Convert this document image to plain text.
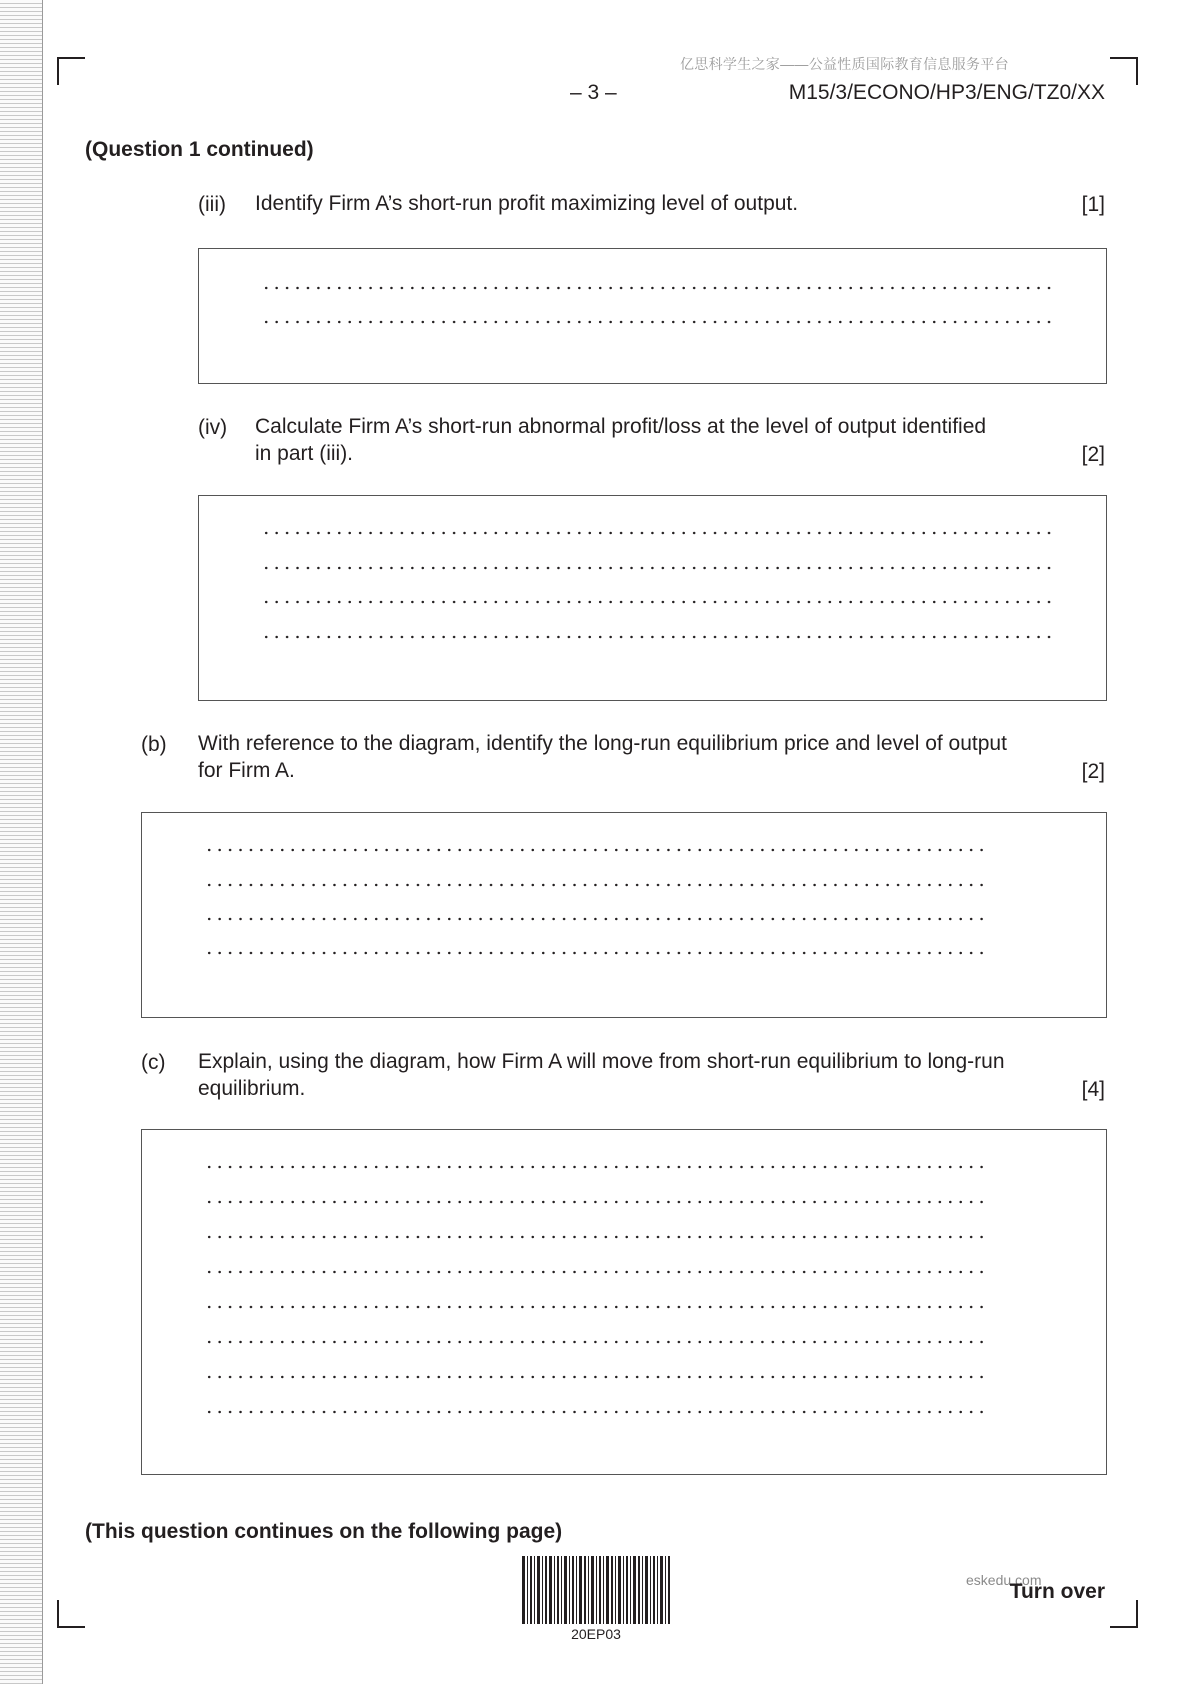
亿思科学生之家——公益性质国际教育信息服务平台
– 3 –	M15/3/ECONO/HP3/ENG/TZ0/XX
(Question 1 continued)
(iii) Identify Firm A’s short-run profit maximizing level of output.	[1]
(iv) Calculate Firm A’s short-run abnormal profit/loss at the level of output identified
in part (iii).	[2]
(b) With reference to the diagram, identify the long-run equilibrium price and level of output
for Firm A.	[2]
(c) Explain, using the diagram, how Firm A will move from short-run equilibrium to long-run
equilibrium.	[4]
(This question continues on the following page)
20EP03
eskedu.com
Turn over
